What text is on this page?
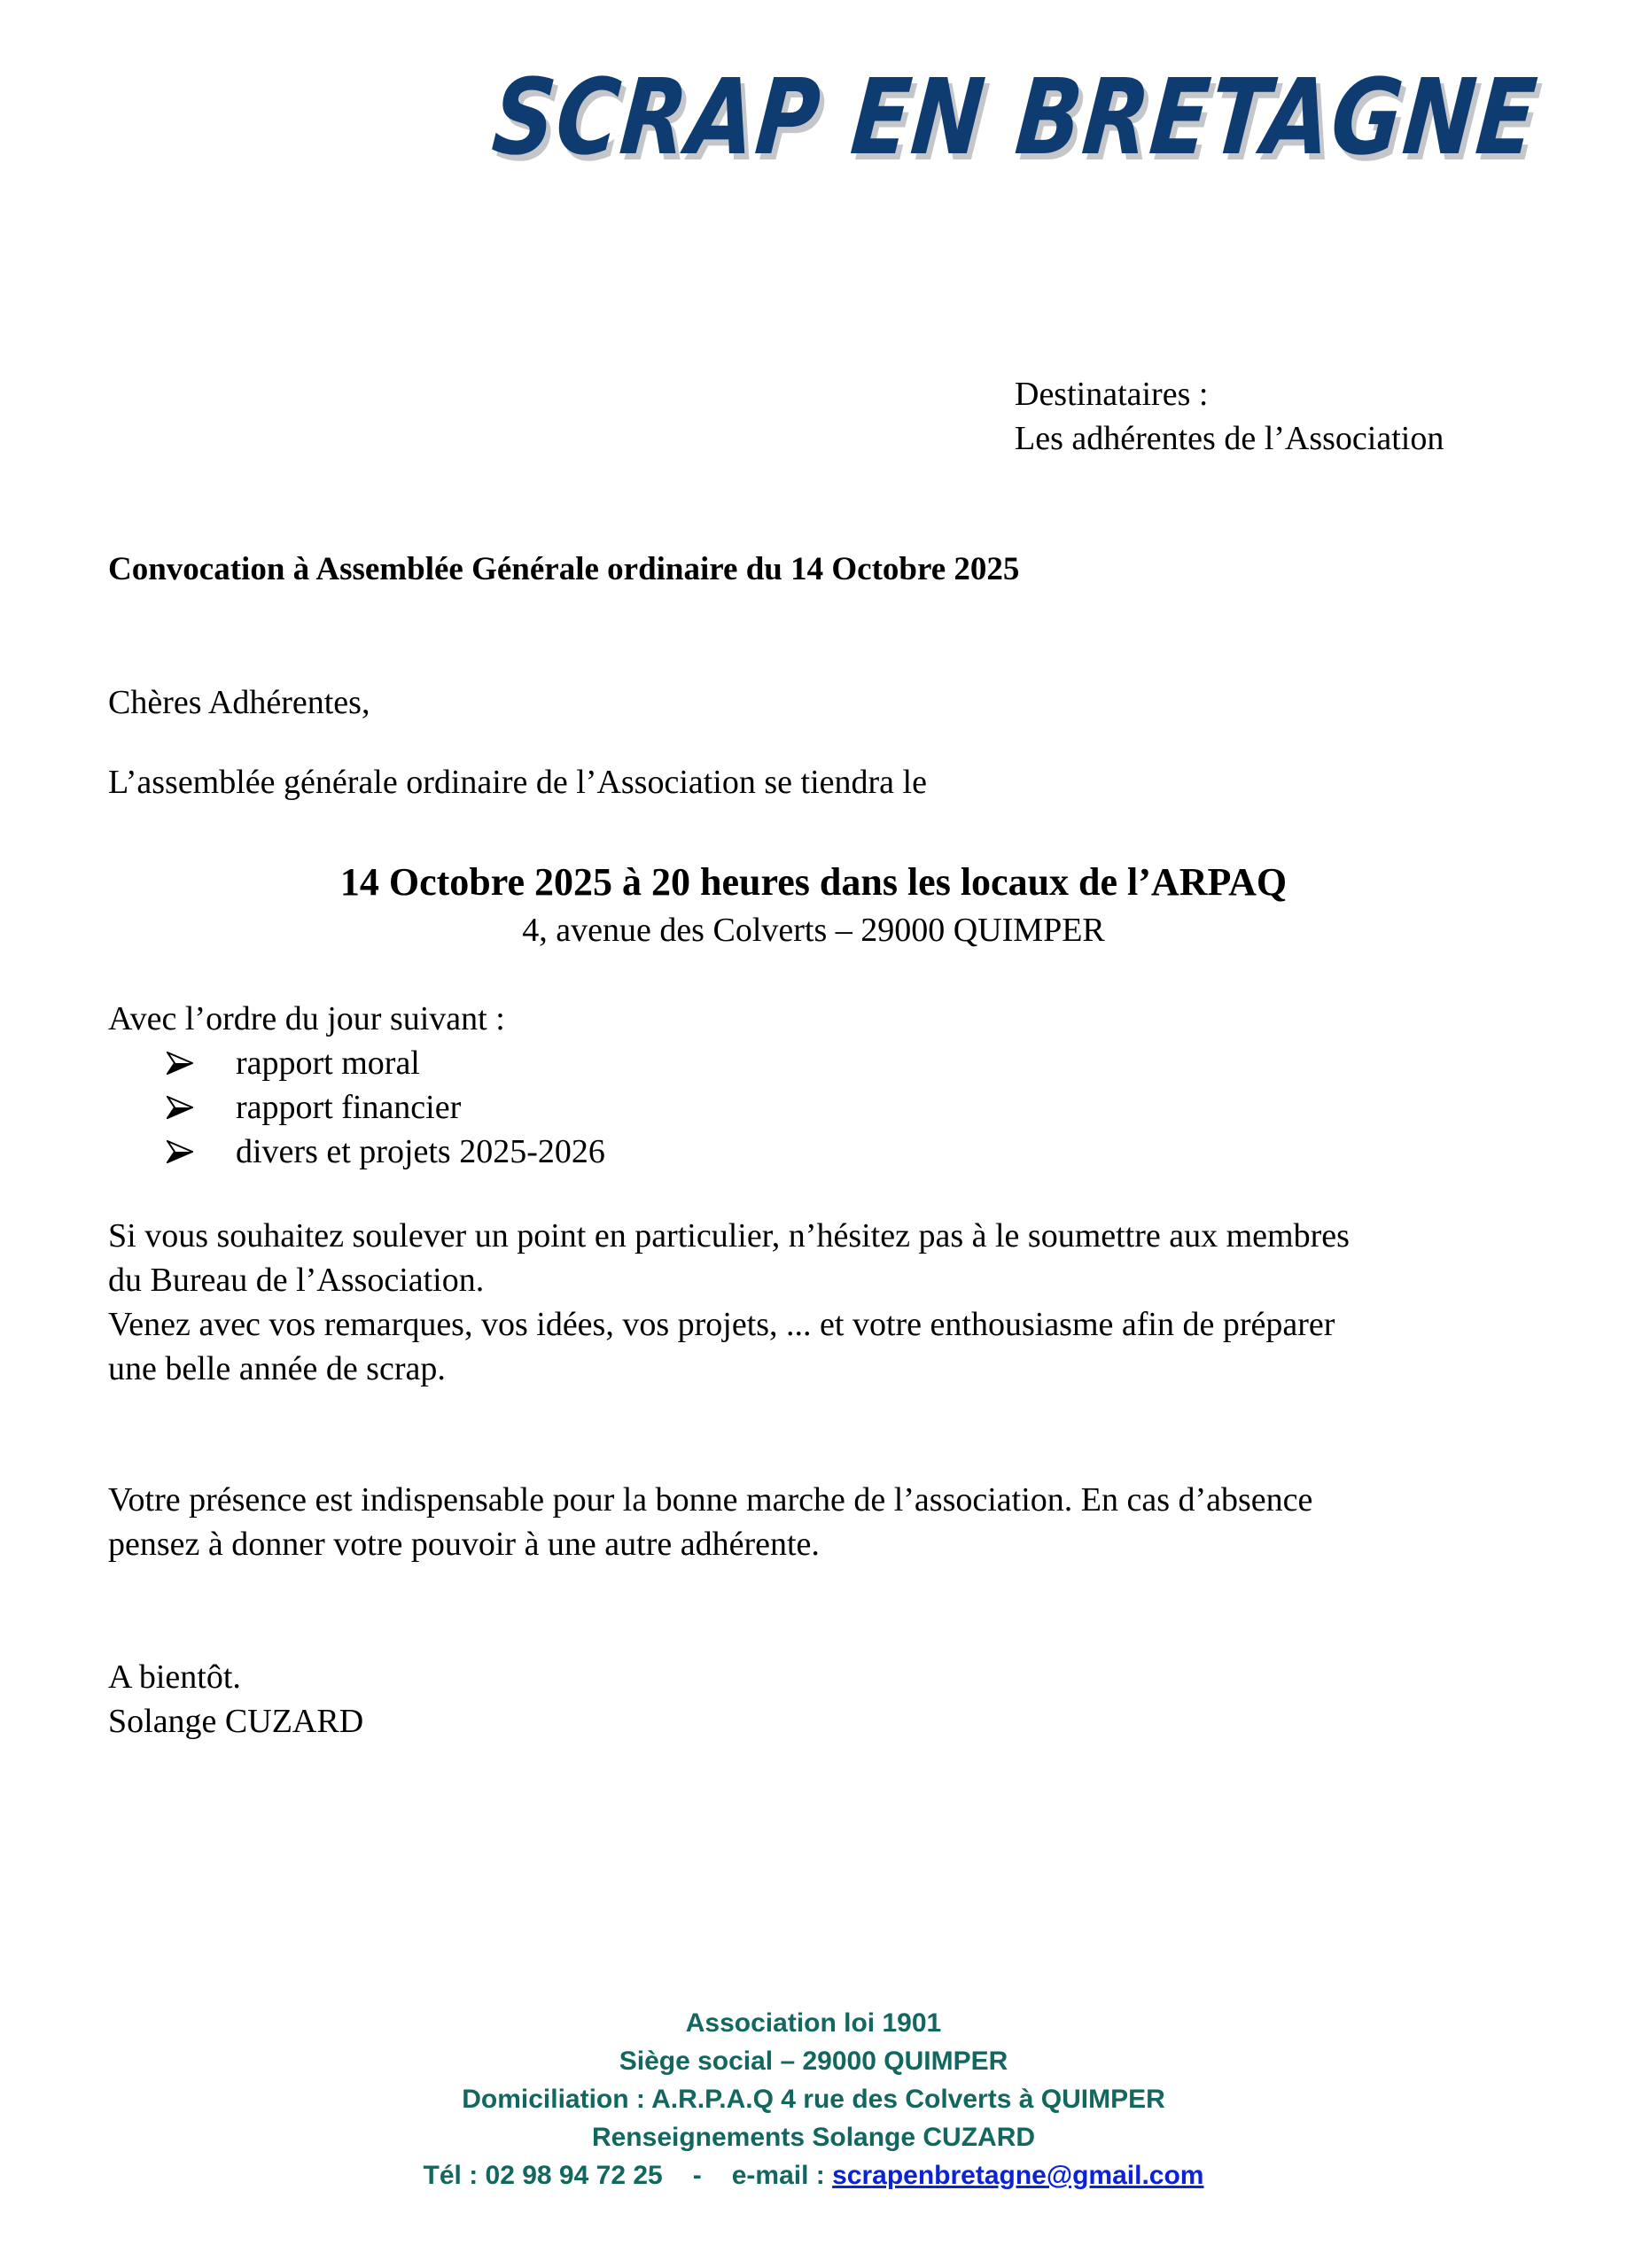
SCRAP EN BRETAGNE
Destinataires :
Les adhérentes de l’Association
Convocation à Assemblée Générale ordinaire du 14 Octobre 2025
Chères Adhérentes,
L’assemblée générale ordinaire de l’Association se tiendra le
14 Octobre 2025 à 20 heures dans les locaux de l’ARPAQ
4, avenue des Colverts – 29000 QUIMPER
Avec l’ordre du jour suivant :
rapport moral
rapport financier
divers et projets 2025-2026
Si vous souhaitez soulever un point en particulier, n’hésitez pas à le soumettre aux membres
du Bureau de l’Association.
Venez avec vos remarques, vos idées, vos projets, ... et votre enthousiasme afin de préparer
une belle année de scrap.
Votre présence est indispensable pour la bonne marche de l’association. En cas d’absence
pensez à donner votre pouvoir à une autre adhérente.
A bientôt.
Solange CUZARD
Association loi 1901
Siège social – 29000 QUIMPER
Domiciliation : A.R.P.A.Q 4 rue des Colverts à QUIMPER
Renseignements Solange CUZARD
Tél : 02 98 94 72 25 - e-mail : scrapenbretagne@gmail.com
